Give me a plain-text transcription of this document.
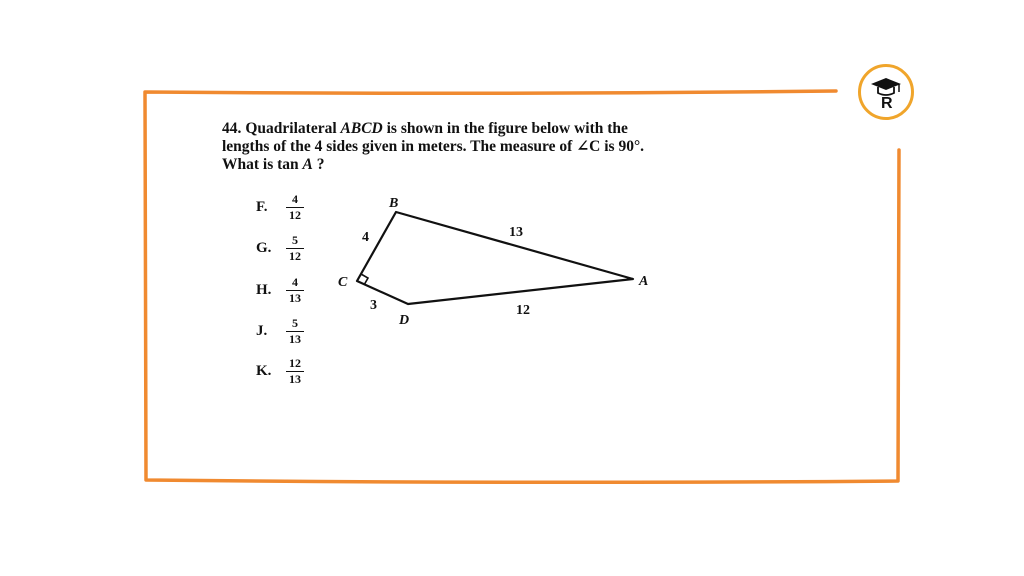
44. Quadrilateral ABCD is shown in the figure below with the lengths of the 4 sides given in meters. The measure of ∠C is 90°. What is tan A ?
F.	$\frac{4}{12}$
G.	$\frac{5}{12}$
H.	$\frac{4}{13}$
J.	$\frac{5}{13}$
K.	$\frac{12}{13}$
B
A
C
D
4	13
3	12
R
